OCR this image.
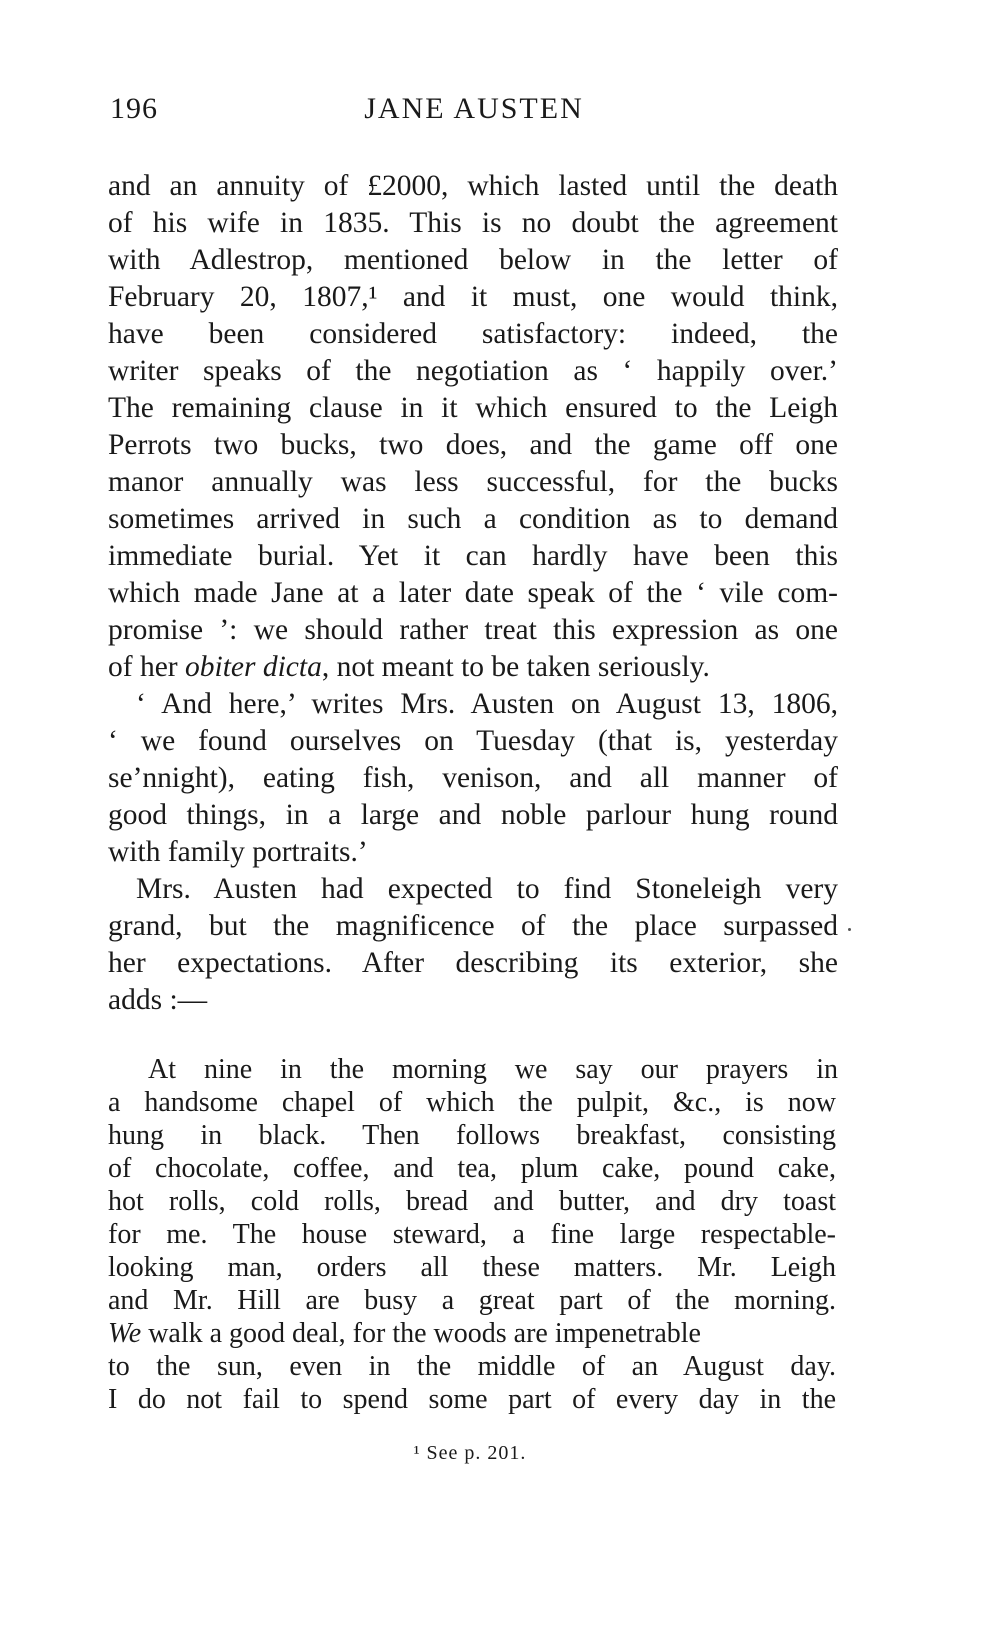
196	JANE AUSTEN
and an annuity of £2000, which lasted until the death
of his wife in 1835. This is no doubt the agreement
with Adlestrop, mentioned below in the letter of
February 20, 1807,¹ and it must, one would think,
have been considered satisfactory: indeed, the
writer speaks of the negotiation as ‘ happily over.’
The remaining clause in it which ensured to the Leigh
Perrots two bucks, two does, and the game off one
manor annually was less successful, for the bucks
sometimes arrived in such a condition as to demand
immediate burial. Yet it can hardly have been this
which made Jane at a later date speak of the ‘ vile com-
promise ’: we should rather treat this expression as one
of her obiter dicta, not meant to be taken seriously.
‘ And here,’ writes Mrs. Austen on August 13, 1806,
‘ we found ourselves on Tuesday (that is, yesterday
se’nnight), eating fish, venison, and all manner of
good things, in a large and noble parlour hung round
with family portraits.’
Mrs. Austen had expected to find Stoneleigh very
grand, but the magnificence of the place surpassed
her expectations. After describing its exterior, she
adds :—
At nine in the morning we say our prayers in
a handsome chapel of which the pulpit, &c., is now
hung in black. Then follows breakfast, consisting
of chocolate, coffee, and tea, plum cake, pound cake,
hot rolls, cold rolls, bread and butter, and dry toast
for me. The house steward, a fine large respectable-
looking man, orders all these matters. Mr. Leigh
and Mr. Hill are busy a great part of the morning.
We walk a good deal, for the woods are impenetrable
to the sun, even in the middle of an August day.
I do not fail to spend some part of every day in the
¹ See p. 201.
